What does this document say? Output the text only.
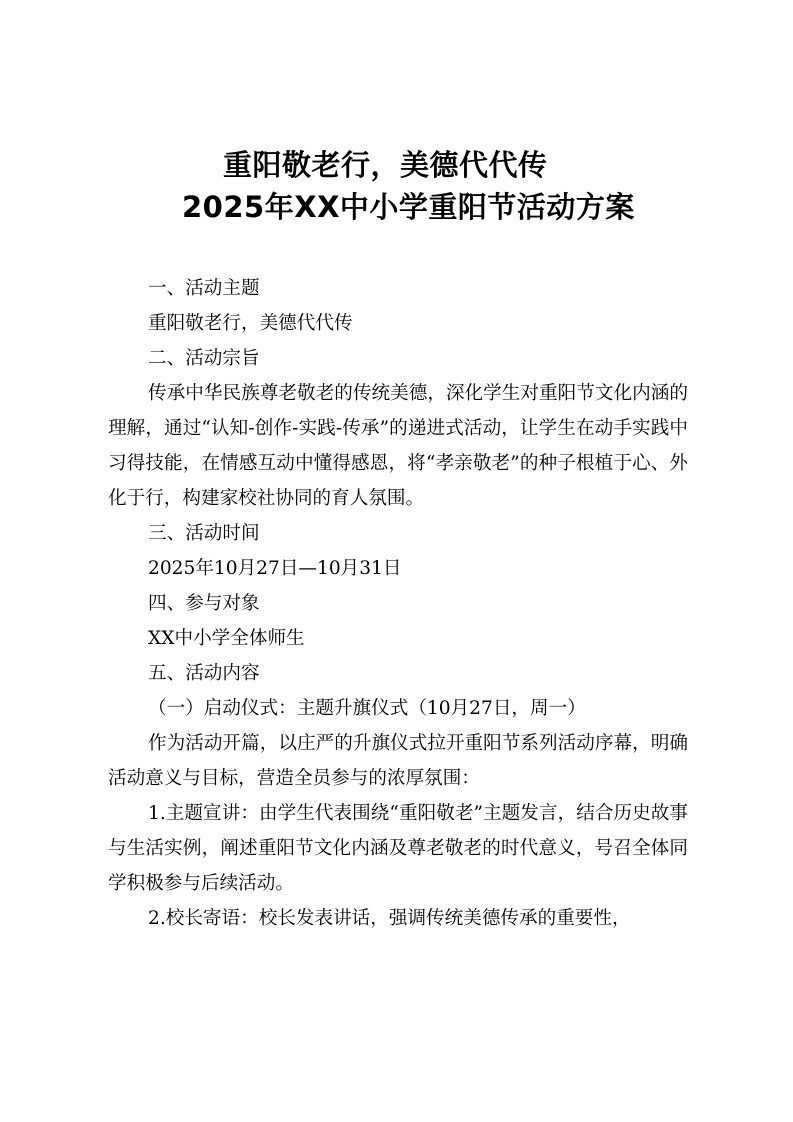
重阳敬老行，美德代代传
2025年XX中小学重阳节活动方案

一、活动主题

重阳敬老行，美德代代传

二、活动宗旨

传承中华民族尊老敬老的传统美德，深化学生对重阳节文化内涵的理解，通过“认知-创作-实践-传承”的递进式活动，让学生在动手实践中习得技能，在情感互动中懂得感恩，将“孝亲敬老”的种子根植于心、外化于行，构建家校社协同的育人氛围。

三、活动时间

2025年10月27日—10月31日

四、参与对象

XX中小学全体师生

五、活动内容

（一）启动仪式：主题升旗仪式（10月27日，周一）

作为活动开篇，以庄严的升旗仪式拉开重阳节系列活动序幕，明确活动意义与目标，营造全员参与的浓厚氛围：

1.主题宣讲：由学生代表围绕“重阳敬老”主题发言，结合历史故事与生活实例，阐述重阳节文化内涵及尊老敬老的时代意义，号召全体同学积极参与后续活动。

2.校长寄语：校长发表讲话，强调传统美德传承的重要性，
